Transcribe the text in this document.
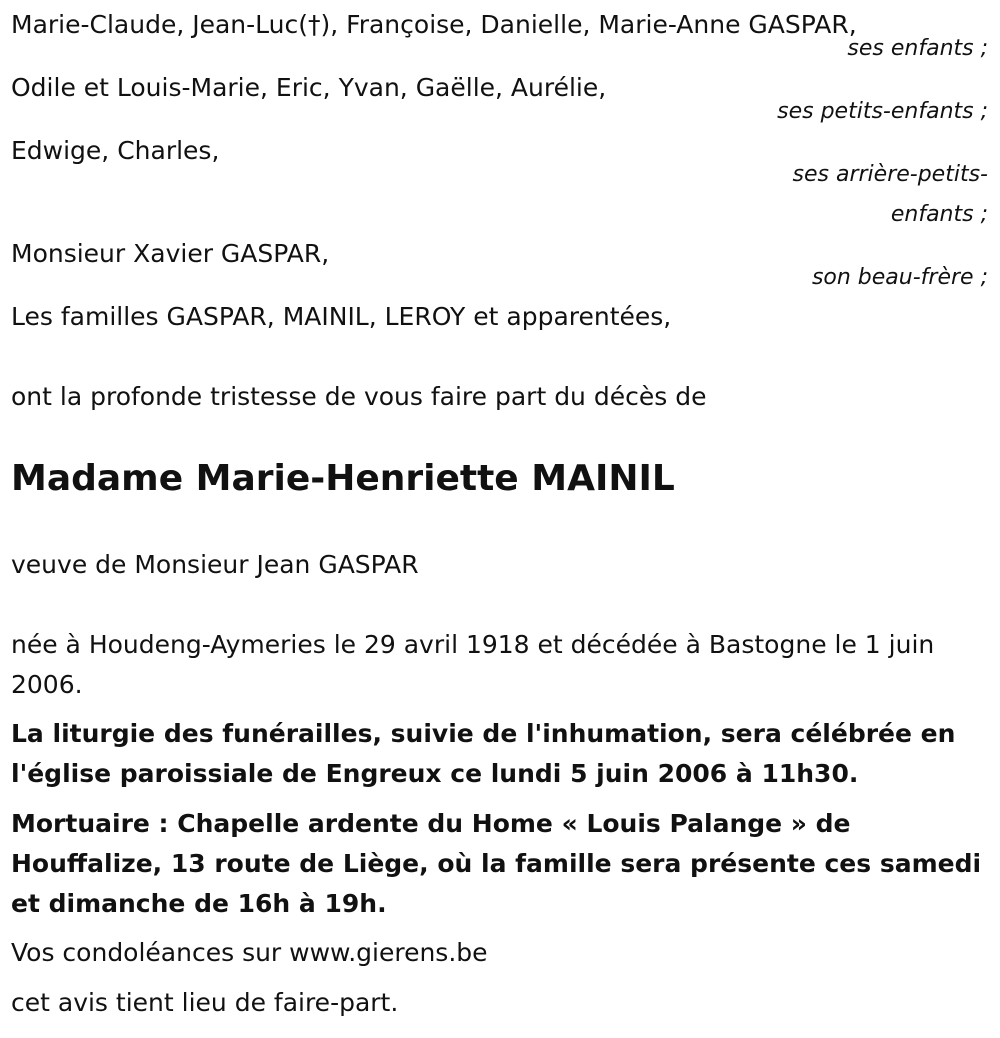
Marie-Claude, Jean-Luc(†), Françoise, Danielle, Marie-Anne GASPAR,
ses enfants ;
Odile et Louis-Marie, Eric, Yvan, Gaëlle, Aurélie,
ses petits-enfants ;
Edwige, Charles,
ses arrière-petits-
enfants ;
Monsieur Xavier GASPAR,
son beau-frère ;
Les familles GASPAR, MAINIL, LEROY et apparentées,
ont la profonde tristesse de vous faire part du décès de
Madame Marie-Henriette MAINIL
veuve de Monsieur Jean GASPAR
née à Houdeng-Aymeries le 29 avril 1918 et décédée à Bastogne le 1 juin 2006.
La liturgie des funérailles, suivie de l'inhumation, sera célébrée en l'église paroissiale de Engreux ce lundi 5 juin 2006 à 11h30.
Mortuaire : Chapelle ardente du Home « Louis Palange » de Houffalize, 13 route de Liège, où la famille sera présente ces samedi et dimanche de 16h à 19h.
Vos condoléances sur www.gierens.be
cet avis tient lieu de faire-part.
